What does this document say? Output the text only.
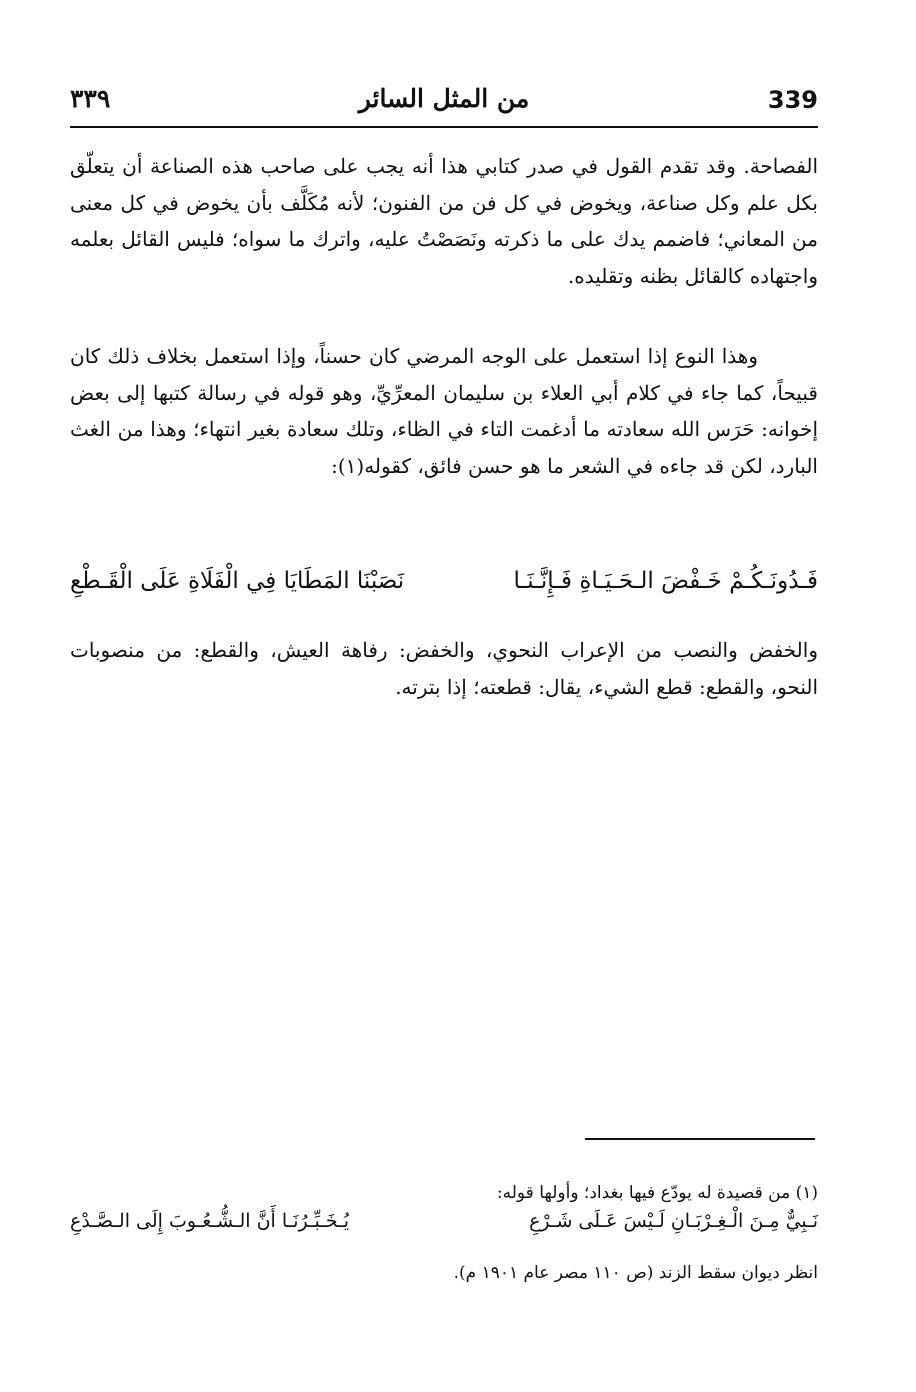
339
من المثل السائر
٣٣٩

الفصاحة. وقد تقدم القول في صدر كتابي هذا أنه يجب على صاحب هذه الصناعة أن يتعلّق بكل علم وكل صناعة، ويخوض في كل فن من الفنون؛ لأنه مُكَلَّف بأن يخوض في كل معنى من المعاني؛ فاضمم يدك على ما ذكرته ونَصَصْتُ عليه، واترك ما سواه؛ فليس القائل بعلمه واجتهاده كالقائل بظنه وتقليده.

وهذا النوع إذا استعمل على الوجه المرضي كان حسناً، وإذا استعمل بخلاف ذلك كان قبيحاً، كما جاء في كلام أبي العلاء بن سليمان المعرِّيِّ، وهو قوله في رسالة كتبها إلى بعض إخوانه: حَرَس الله سعادته ما أدغمت التاء في الظاء، وتلك سعادة بغير انتهاء؛ وهذا من الغث البارد، لكن قد جاءه في الشعر ما هو حسن فائق، كقوله(١):

فَـدُونَـكُـمْ خَـفْضَ الـحَـيَـاةِ فَـإِنَّـنَـا
نَصَبْنَا المَطَايَا فِي الْفَلَاةِ عَلَى الْقَـطْعِ

والخفض والنصب من الإعراب النحوي، والخفض: رفاهة العيش، والقطع: من منصوبات النحو، والقطع: قطع الشيء، يقال: قطعته؛ إذا بترته.

(١) من قصيدة له يودّع فيها بغداد؛ وأولها قوله:

نَـبِيٌّ مِـنَ الْـغِـرْبَـانِ لَـيْسَ عَـلَى شَـرْعِ
يُـخَـبِّـرُنَـا أَنَّ الـشُّـعُـوبَ إِلَى الـصَّـدْعِ

انظر ديوان سقط الزند (ص ١١٠ مصر عام ١٩٠١ م).
